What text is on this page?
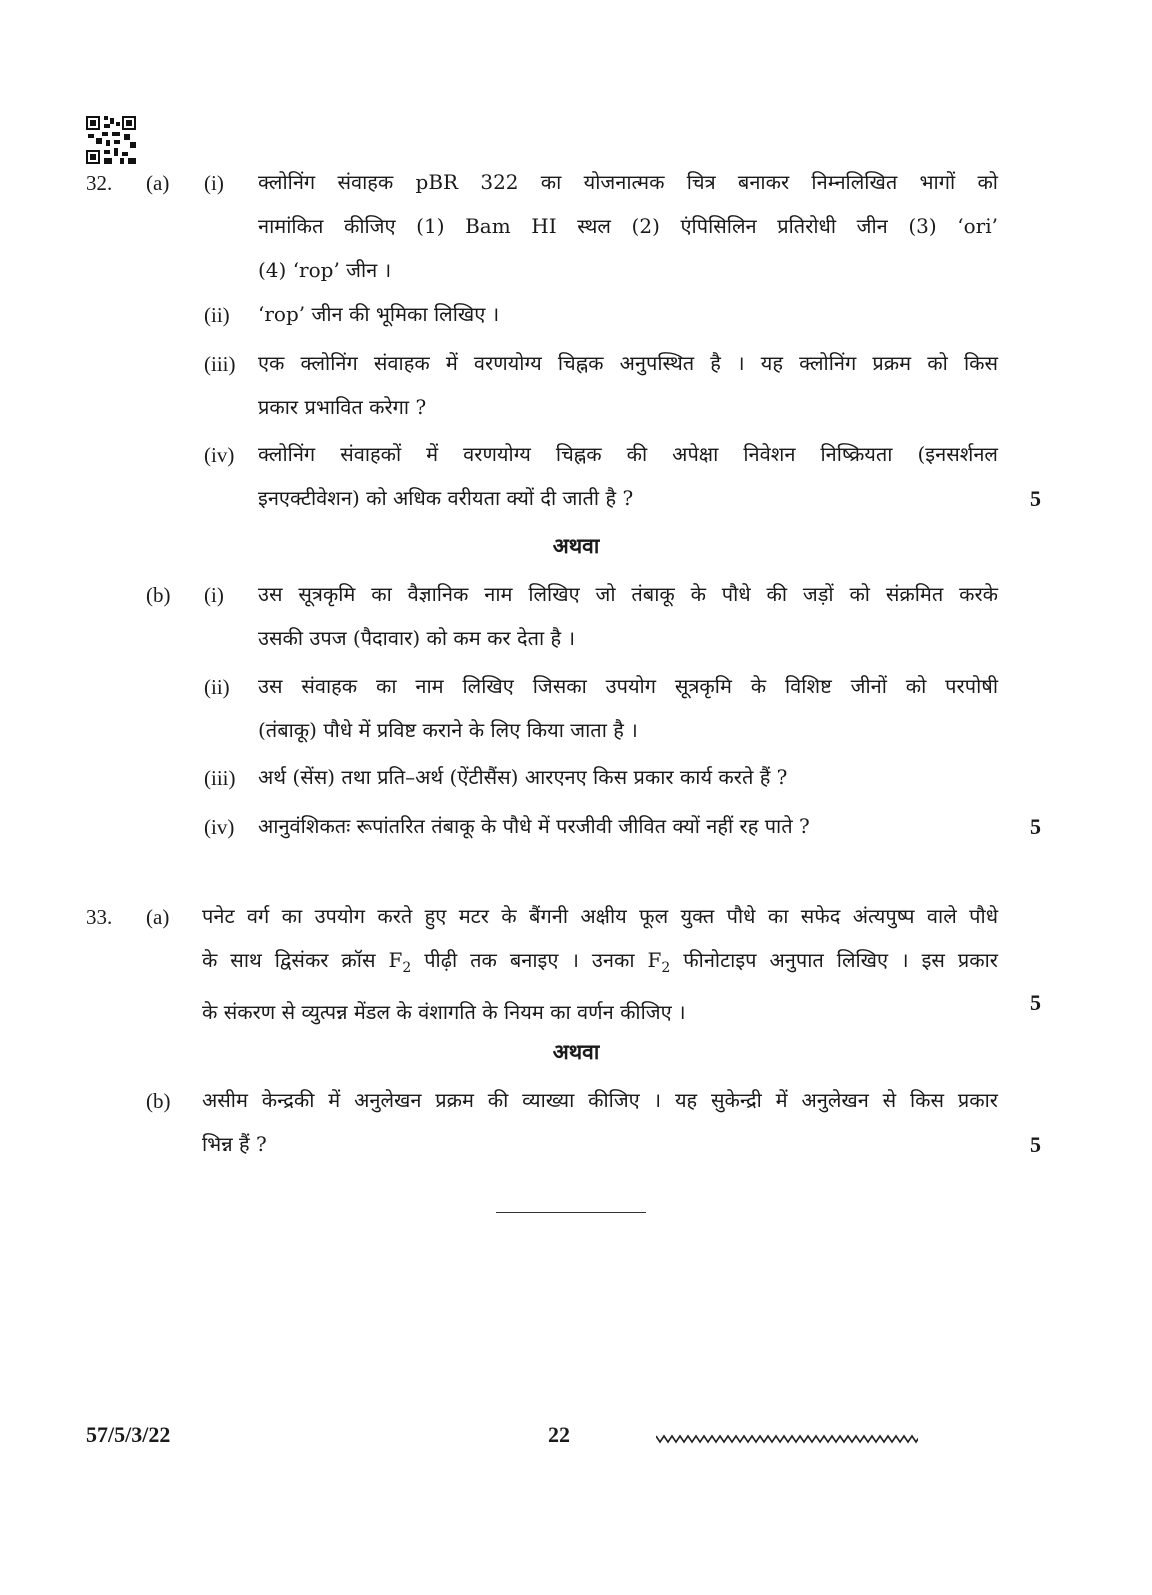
32. (a) (i) क्लोनिंग संवाहक pBR 322 का योजनात्मक चित्र बनाकर निम्नलिखित भागों को
नामांकित कीजिए (1) Bam HI स्थल (2) एंपिसिलिन प्रतिरोधी जीन (3) ‘ori’
(4) ‘rop’ जीन ।
(ii) ‘rop’ जीन की भूमिका लिखिए ।
(iii) एक क्लोनिंग संवाहक में वरणयोग्य चिह्नक अनुपस्थित है । यह क्लोनिंग प्रक्रम को किस
प्रकार प्रभावित करेगा ?
(iv) क्लोनिंग संवाहकों में वरणयोग्य चिह्नक की अपेक्षा निवेशन निष्क्रियता (इनसर्शनल
इनएक्टीवेशन) को अधिक वरीयता क्यों दी जाती है ?	5
अथवा
(b) (i) उस सूत्रकृमि का वैज्ञानिक नाम लिखिए जो तंबाकू के पौधे की जड़ों को संक्रमित करके
उसकी उपज (पैदावार) को कम कर देता है ।
(ii) उस संवाहक का नाम लिखिए जिसका उपयोग सूत्रकृमि के विशिष्ट जीनों को परपोषी
(तंबाकू) पौधे में प्रविष्ट कराने के लिए किया जाता है ।
(iii) अर्थ (सेंस) तथा प्रति–अर्थ (ऐंटीसैंस) आरएनए किस प्रकार कार्य करते हैं ?
(iv) आनुवंशिकतः रूपांतरित तंबाकू के पौधे में परजीवी जीवित क्यों नहीं रह पाते ?	5
33. (a) पनेट वर्ग का उपयोग करते हुए मटर के बैंगनी अक्षीय फूल युक्त पौधे का सफेद अंत्यपुष्प वाले पौधे
के साथ द्विसंकर क्रॉस $F_2$ पीढ़ी तक बनाइए । उनका $F_2$ फीनोटाइप अनुपात लिखिए । इस प्रकार
के संकरण से व्युत्पन्न मेंडल के वंशागति के नियम का वर्णन कीजिए ।	5
अथवा
(b) असीम केन्द्रकी में अनुलेखन प्रक्रम की व्याख्या कीजिए । यह सुकेन्द्री में अनुलेखन से किस प्रकार
भिन्न हैं ?	5
57/5/3/22	22
